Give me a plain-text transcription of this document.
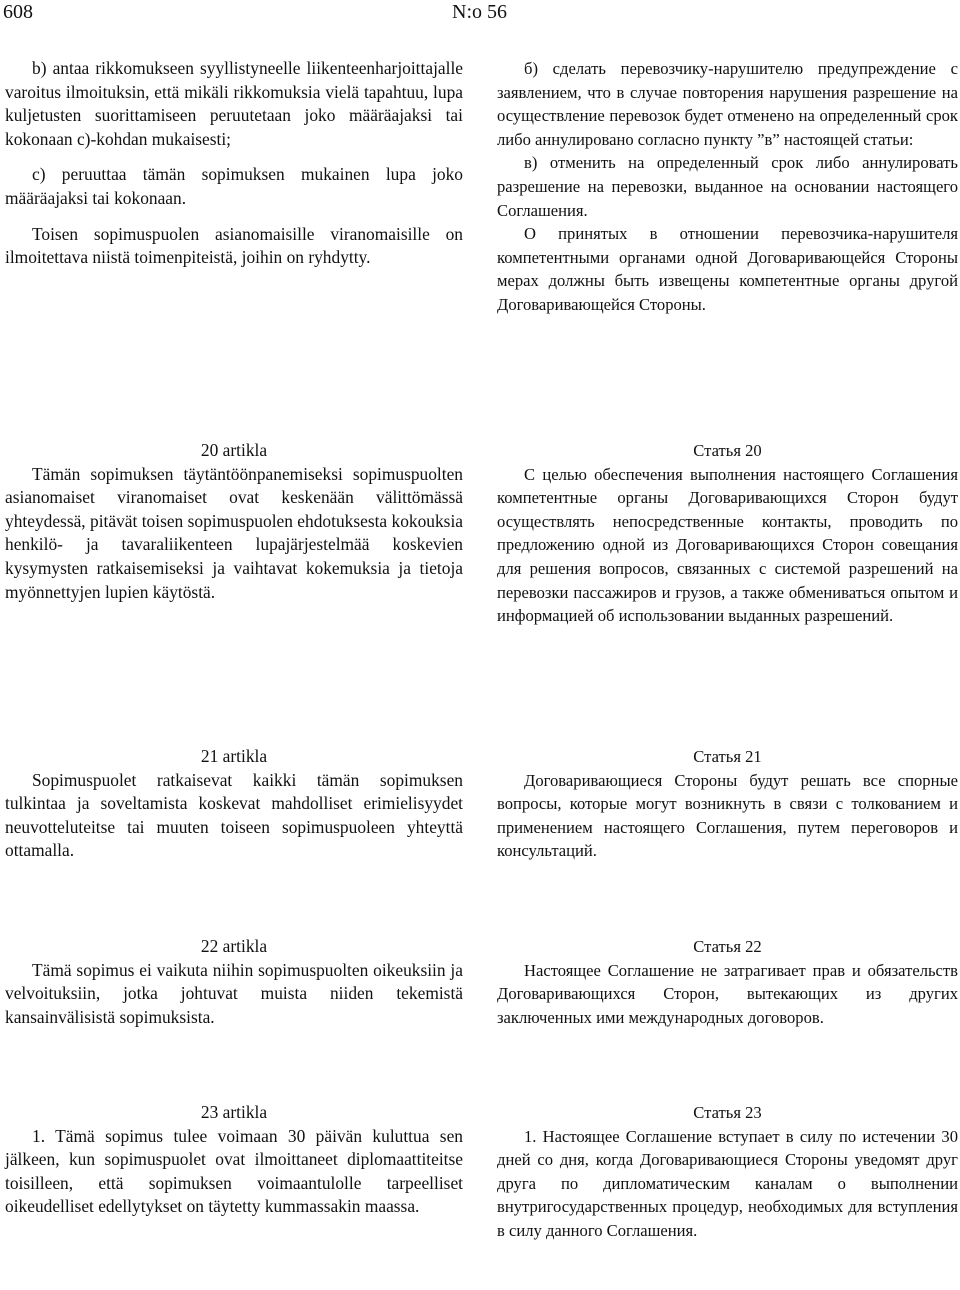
608	N:o 56

b) antaa rikkomukseen syyllistyneelle liikenteenharjoittajalle varoitus ilmoituksin, että mikäli rikkomuksia vielä tapahtuu, lupa kuljetusten suorittamiseen peruutetaan joko määräajaksi tai kokonaan c)-kohdan mukaisesti;

c) peruuttaa tämän sopimuksen mukainen lupa joko määräajaksi tai kokonaan.

Toisen sopimuspuolen asianomaisille viranomaisille on ilmoitettava niistä toimenpiteistä, joihin on ryhdytty.

20 artikla

Tämän sopimuksen täytäntöönpanemiseksi sopimuspuolten asianomaiset viranomaiset ovat keskenään välittömässä yhteydessä, pitävät toisen sopimuspuolen ehdotuksesta kokouksia henkilö- ja tavaraliikenteen lupajärjestelmää koskevien kysymysten ratkaisemiseksi ja vaihtavat kokemuksia ja tietoja myönnettyjen lupien käytöstä.

21 artikla

Sopimuspuolet ratkaisevat kaikki tämän sopimuksen tulkintaa ja soveltamista koskevat mahdolliset erimielisyydet neuvotteluteitse tai muuten toiseen sopimuspuoleen yhteyttä ottamalla.

22 artikla

Tämä sopimus ei vaikuta niihin sopimuspuolten oikeuksiin ja velvoituksiin, jotka johtuvat muista niiden tekemistä kansainvälisistä sopimuksista.

23 artikla

1. Tämä sopimus tulee voimaan 30 päivän kuluttua sen jälkeen, kun sopimuspuolet ovat ilmoittaneet diplomaattiteitse toisilleen, että sopimuksen voimaantulolle tarpeelliset oikeudelliset edellytykset on täytetty kummassakin maassa.

б) сделать перевозчику-нарушителю предупреждение с заявлением, что в случае повторения нарушения разрешение на осуществление перевозок будет отменено на определенный срок либо аннулировано согласно пункту ”в” настоящей статьи:

в) отменить на определенный срок либо аннулировать разрешение на перевозки, выданное на основании настоящего Соглашения.

О принятых в отношении перевозчика-нарушителя компетентными органами одной Договаривающейся Стороны мерах должны быть извещены компетентные органы другой Договаривающейся Стороны.

Статья 20

С целью обеспечения выполнения настоящего Соглашения компетентные органы Договаривающихся Сторон будут осуществлять непосредственные контакты, проводить по предложению одной из Договаривающихся Сторон совещания для решения вопросов, связанных с системой разрешений на перевозки пассажиров и грузов, а также обмениваться опытом и информацией об использовании выданных разрешений.

Статья 21

Договаривающиеся Стороны будут решать все спорные вопросы, которые могут возникнуть в связи с толкованием и применением настоящего Соглашения, путем переговоров и консультаций.

Статья 22

Настоящее Соглашение не затрагивает прав и обязательств Договаривающихся Сторон, вытекающих из других заключенных ими международных договоров.

Статья 23

1. Настоящее Соглашение вступает в силу по истечении 30 дней со дня, когда Договаривающиеся Стороны уведомят друг друга по дипломатическим каналам о выполнении внутригосударственных процедур, необходимых для вступления в силу данного Соглашения.
